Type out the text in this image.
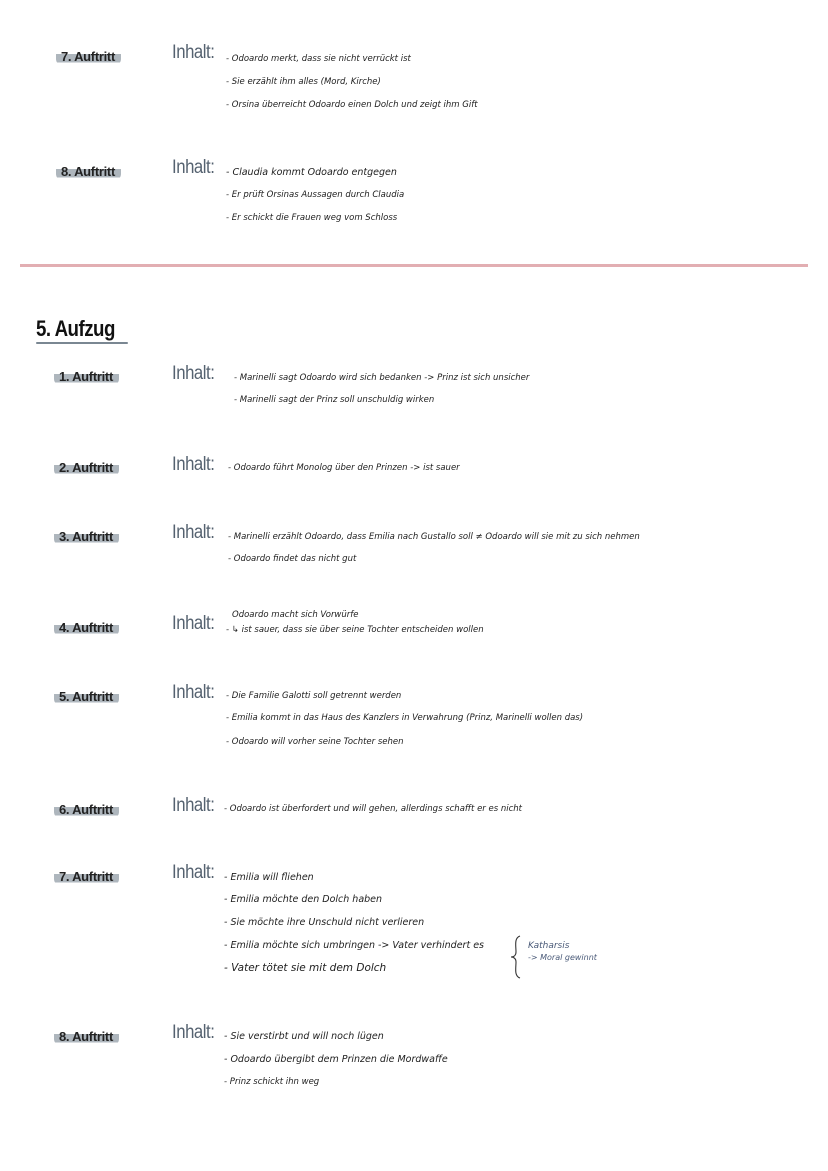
7. Auftritt	Inhalt: - Odoardo merkt, dass sie nicht verrückt ist
- Sie erzählt ihm alles (Mord, Kirche)
- Orsina überreicht Odoardo einen Dolch und zeigt ihm Gift
8. Auftritt	Inhalt: - Claudia kommt Odoardo entgegen
- Er prüft Orsinas Aussagen durch Claudia
- Er schickt die Frauen weg vom Schloss
5. Aufzug
1. Auftritt	Inhalt: - Marinelli sagt Odoardo wird sich bedanken -> Prinz ist sich unsicher
- Marinelli sagt der Prinz soll unschuldig wirken
2. Auftritt	Inhalt: - Odoardo führt Monolog über den Prinzen -> ist sauer
3. Auftritt	Inhalt: - Marinelli erzählt Odoardo, dass Emilia nach Gustallo soll ≠ Odoardo will sie mit zu sich nehmen
- Odoardo findet das nicht gut
4. Auftritt	Inhalt: Odoardo macht sich Vorwürfe
- ↳ ist sauer, dass sie über seine Tochter entscheiden wollen
5. Auftritt	Inhalt: - Die Familie Galotti soll getrennt werden
- Emilia kommt in das Haus des Kanzlers in Verwahrung (Prinz, Marinelli wollen das)
- Odoardo will vorher seine Tochter sehen
6. Auftritt	Inhalt: - Odoardo ist überfordert und will gehen, allerdings schafft er es nicht
7. Auftritt	Inhalt: - Emilia will fliehen
- Emilia möchte den Dolch haben
- Sie möchte ihre Unschuld nicht verlieren
- Emilia möchte sich umbringen -> Vater verhindert es
- Vater tötet sie mit dem Dolch
Katharsis
-> Moral gewinnt
8. Auftritt	Inhalt: - Sie verstirbt und will noch lügen
- Odoardo übergibt dem Prinzen die Mordwaffe
- Prinz schickt ihn weg
